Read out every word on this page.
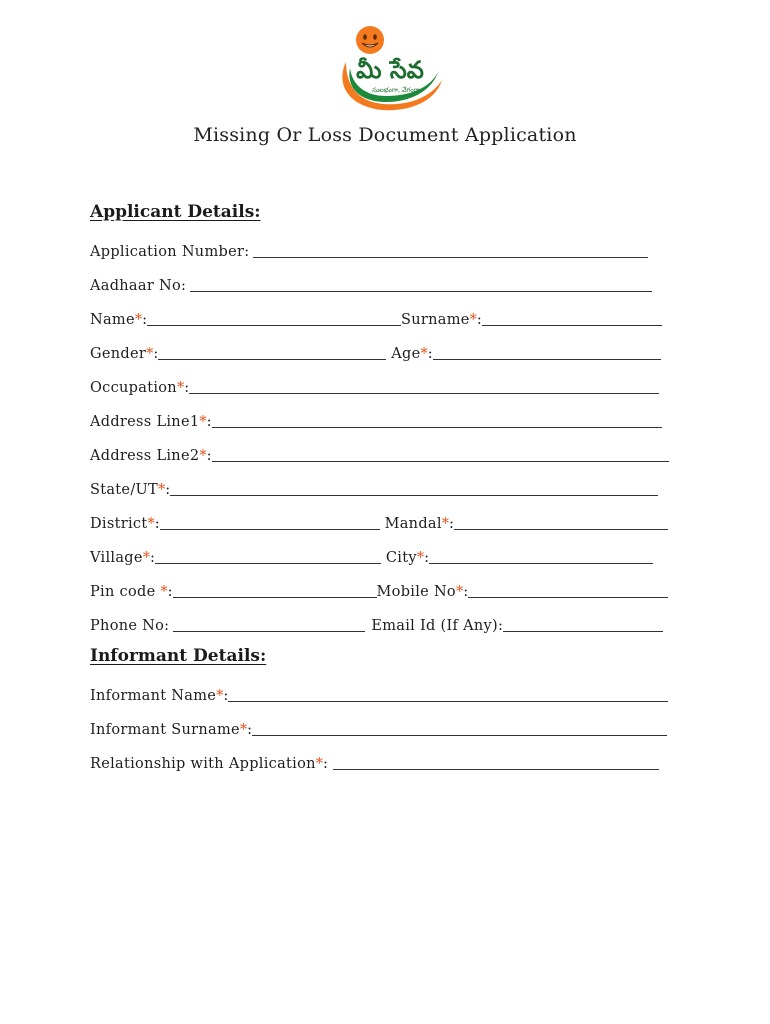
మీ సేవ
సులభంగా, వేగంగా
Missing Or Loss Document Application
Applicant Details:
Application Number:
Aadhaar No:
Name * :	Surname * :
Gender * :	Age * :
Occupation * :
Address Line1 * :
Address Line2 * :
State/UT * :
District * :	Mandal * :
Village * :	City * :
Pin code * :	Mobile No * :
Phone No:	Email Id (If Any):
Informant Details:
Informant Name * :
Informant Surname * :
Relationship with Application * :
